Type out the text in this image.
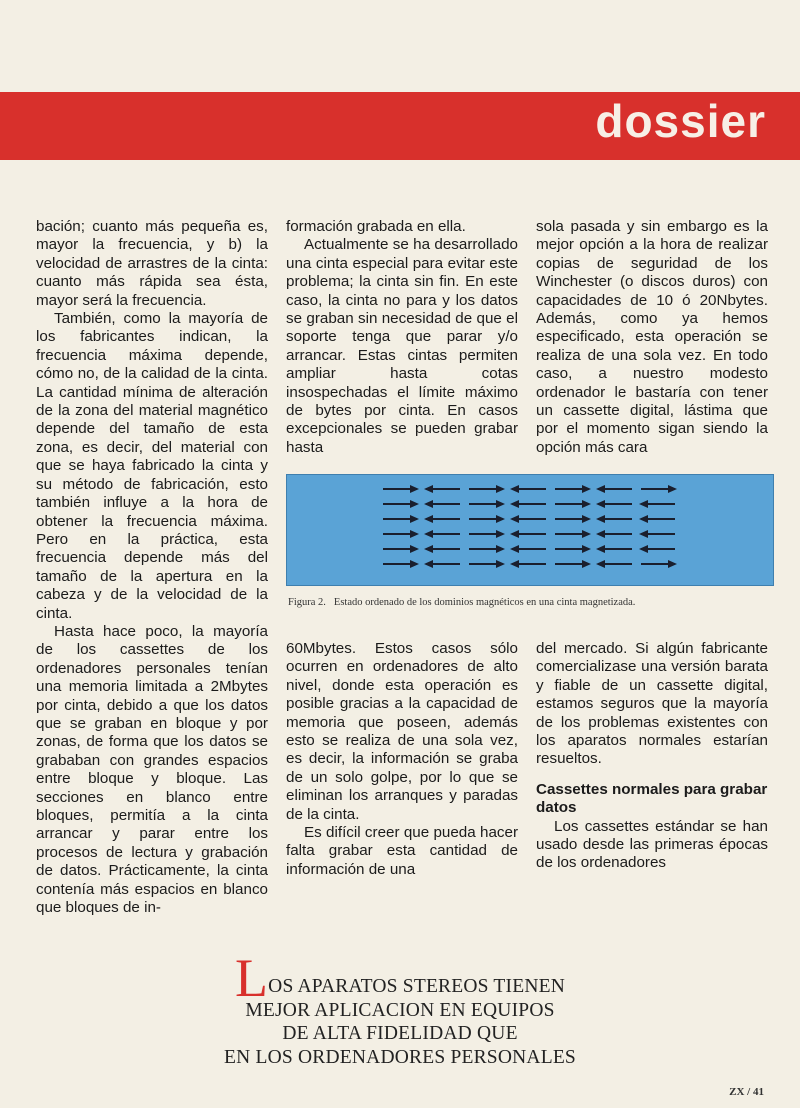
dossier

bación; cuanto más pequeña es, mayor la frecuencia, y b) la velocidad de arrastres de la cinta: cuanto más rápida sea ésta, mayor será la frecuencia.

También, como la mayoría de los fabricantes indican, la frecuencia máxima depende, cómo no, de la calidad de la cinta. La cantidad mínima de alteración de la zona del material magnético depende del tamaño de esta zona, es decir, del material con que se haya fabricado la cinta y su método de fabricación, esto también influye a la hora de obtener la frecuencia máxima. Pero en la práctica, esta frecuencia depende más del tamaño de la apertura en la cabeza y de la velocidad de la cinta.

Hasta hace poco, la mayoría de los cassettes de los ordenadores personales tenían una memoria limitada a 2Mbytes por cinta, debido a que los datos que se graban en bloque y por zonas, de forma que los datos se grababan con grandes espacios entre bloque y bloque. Las secciones en blanco entre bloques, permitía a la cinta arrancar y parar entre los procesos de lectura y grabación de datos. Prácticamente, la cinta contenía más espacios en blanco que bloques de in-

formación grabada en ella.

Actualmente se ha desarrollado una cinta especial para evitar este problema; la cinta sin fin. En este caso, la cinta no para y los datos se graban sin necesidad de que el soporte tenga que parar y/o arrancar. Estas cintas permiten ampliar hasta cotas insospechadas el límite máximo de bytes por cinta. En casos excepcionales se pueden grabar hasta

sola pasada y sin embargo es la mejor opción a la hora de realizar copias de seguridad de los Winchester (o discos duros) con capacidades de 10 ó 20Nbytes. Además, como ya hemos especificado, esta operación se realiza de una sola vez. En todo caso, a nuestro modesto ordenador le bastaría con tener un cassette digital, lástima que por el momento sigan siendo la opción más cara

Figura 2. Estado ordenado de los dominios magnéticos en una cinta magnetizada.

60Mbytes. Estos casos sólo ocurren en ordenadores de alto nivel, donde esta operación es posible gracias a la capacidad de memoria que poseen, además esto se realiza de una sola vez, es decir, la información se graba de un solo golpe, por lo que se eliminan los arranques y paradas de la cinta.

Es difícil creer que pueda hacer falta grabar esta cantidad de información de una

del mercado. Si algún fabricante comercializase una versión barata y fiable de un cassette digital, estamos seguros que la mayoría de los problemas existentes con los aparatos normales estarían resueltos.

Cassettes normales para grabar datos

Los cassettes estándar se han usado desde las primeras épocas de los ordenadores

LOS APARATOS STEREOS TIENEN
MEJOR APLICACION EN EQUIPOS
DE ALTA FIDELIDAD QUE
EN LOS ORDENADORES PERSONALES
ZX / 41
